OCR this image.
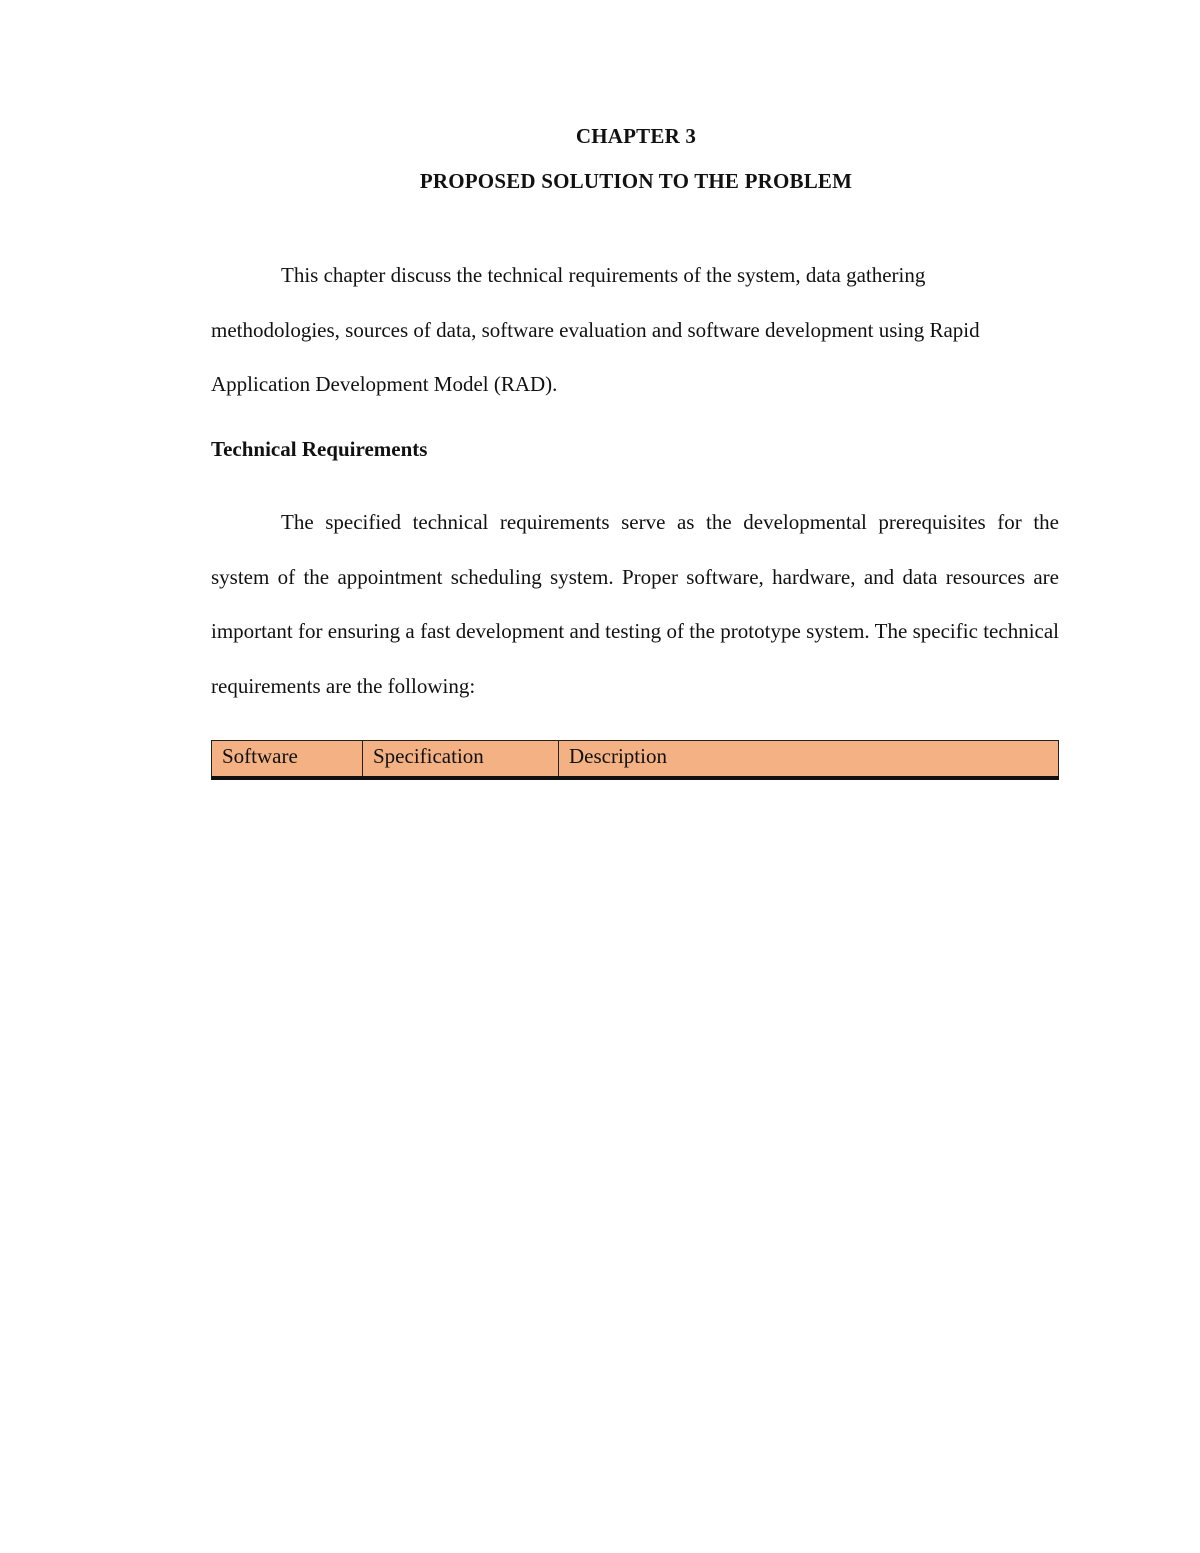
CHAPTER 3
PROPOSED SOLUTION TO THE PROBLEM

This chapter discuss the technical requirements of the system, data gathering methodologies, sources of data, software evaluation and software development using Rapid Application Development Model (RAD).

Technical Requirements

The specified technical requirements serve as the developmental prerequisites for the system of the appointment scheduling system. Proper software, hardware, and data resources are important for ensuring a fast development and testing of the prototype system. The specific technical requirements are the following:

Software	Specification	Description
